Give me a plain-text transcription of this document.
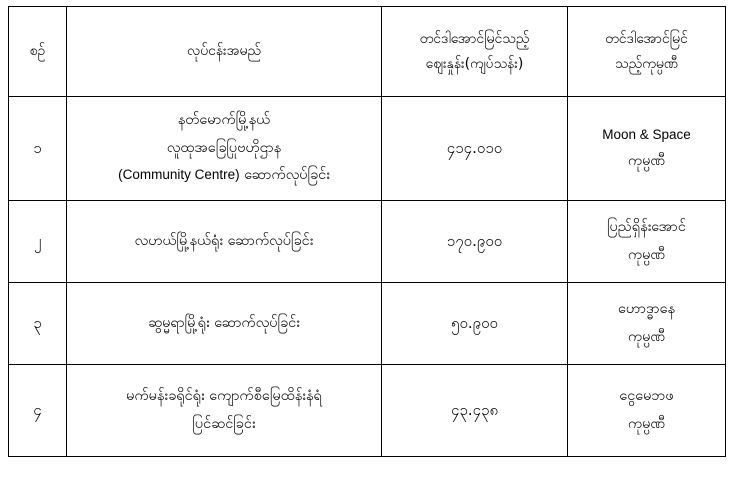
စဉ်	လုပ်ငန်းအမည်	တင်ဒါအောင်မြင်သည့်
ဈေးနှုန်း(ကျပ်သန်း)	တင်ဒါအောင်မြင်
သည့်ကုမ္ပဏီ

၁	နတ်မောက်မြို့နယ်
လူထုအခြေပြုဗဟိုဌာန
(Community Centre) ဆောက်လုပ်ခြင်း	၄၁၄.၀၁၀	Moon & Space
ကုမ္ပဏီ

၂	လဟယ်မြို့နယ်ရုံး ဆောက်လုပ်ခြင်း	၁၇၀.၉၀၀	ပြည်ရှိန်းအောင်
ကုမ္ပဏီ

၃	ဆွမ္မရာမြို့ရုံး ဆောက်လုပ်ခြင်း	၅၀.၉၀၀	ဟောဒ္ဓာနေ
ကုမ္ပဏီ

၄	မက်မန်းခရိုင်ရုံး ကျောက်စီမြေထိန်းနံရံ
ပြင်ဆင်ခြင်း	၄၃.၄၃၈	ငွေမေဘဖ
ကုမ္ပဏီ
